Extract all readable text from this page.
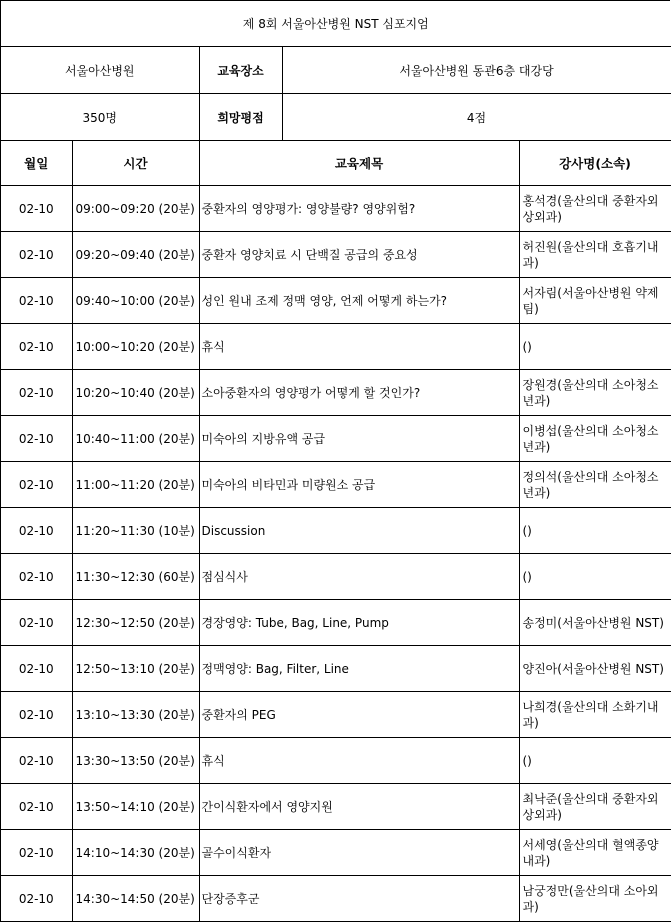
제 8회 서울아산병원 NST 심포지엄				
서울아산병원		교육장소	서울아산병원 동관6층 대강당	
350명		희망평점	4점	
월일	시간	교육제목		강사명(소속)
02-10	09:00~09:20 (20분)	중환자의 영양평가: 영양불량? 영양위험?		홍석경(울산의대 중환자외상외과)
02-10	09:20~09:40 (20분)	중환자 영양치료 시 단백질 공급의 중요성		허진원(울산의대 호흡기내과)
02-10	09:40~10:00 (20분)	성인 원내 조제 정맥 영양, 언제 어떻게 하는가?		서자림(서울아산병원 약제팀)
02-10	10:00~10:20 (20분)	휴식		()
02-10	10:20~10:40 (20분)	소아중환자의 영양평가 어떻게 할 것인가?		장원경(울산의대 소아청소년과)
02-10	10:40~11:00 (20분)	미숙아의 지방유액 공급		이병섭(울산의대 소아청소년과)
02-10	11:00~11:20 (20분)	미숙아의 비타민과 미량원소 공급		정의석(울산의대 소아청소년과)
02-10	11:20~11:30 (10분)	Discussion		()
02-10	11:30~12:30 (60분)	점심식사		()
02-10	12:30~12:50 (20분)	경장영양: Tube, Bag, Line, Pump		송정미(서울아산병원 NST)
02-10	12:50~13:10 (20분)	정맥영양: Bag, Filter, Line		양진아(서울아산병원 NST)
02-10	13:10~13:30 (20분)	중환자의 PEG		나희경(울산의대 소화기내과)
02-10	13:30~13:50 (20분)	휴식		()
02-10	13:50~14:10 (20분)	간이식환자에서 영양지원		최낙준(울산의대 중환자외상외과)
02-10	14:10~14:30 (20분)	골수이식환자		서세영(울산의대 혈액종양내과)
02-10	14:30~14:50 (20분)	단장증후군		남궁정만(울산의대 소아외과)
